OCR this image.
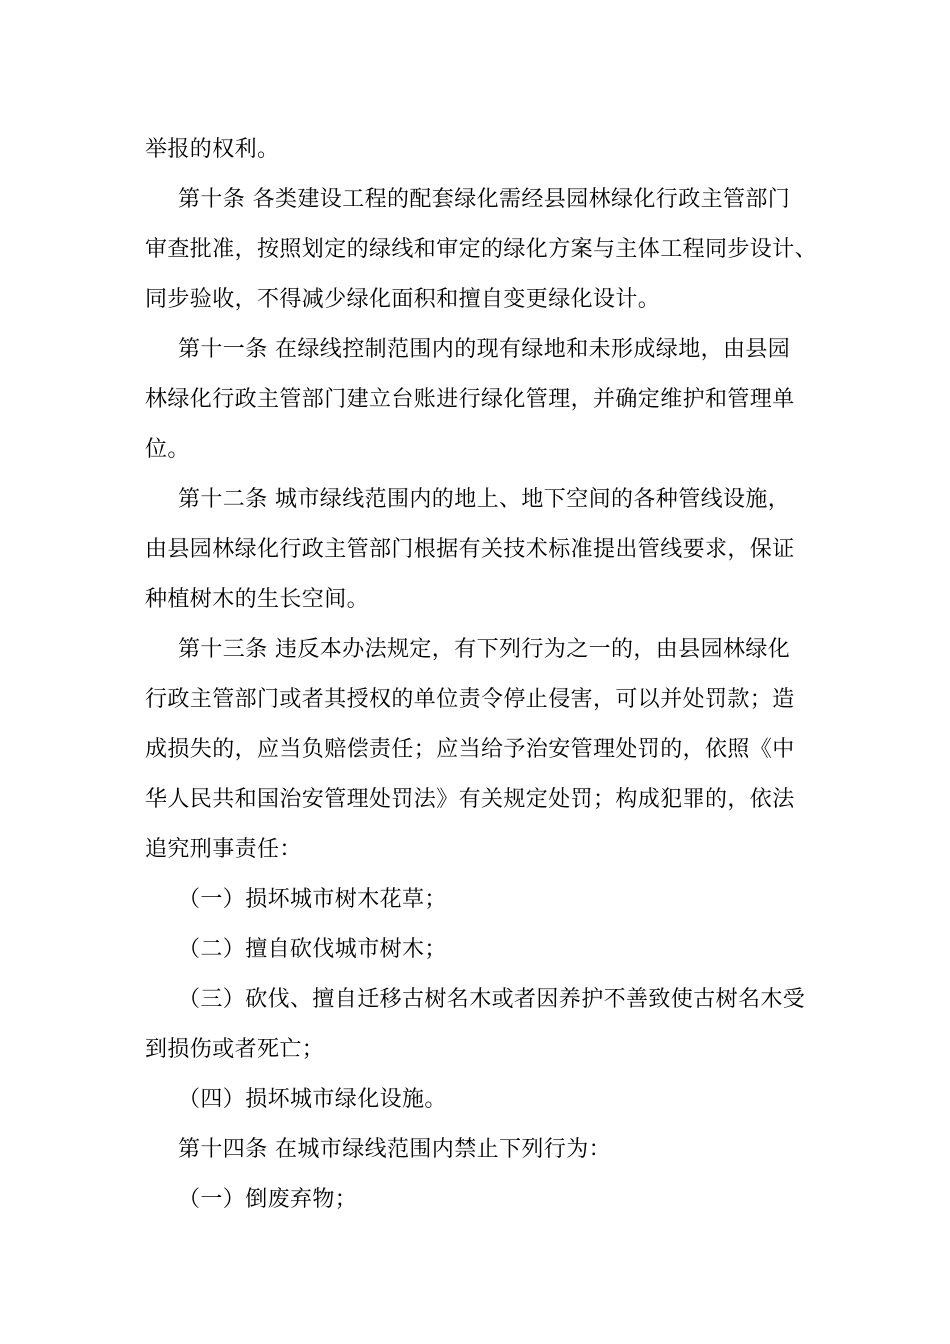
举报的权利。
第十条 各类建设工程的配套绿化需经县园林绿化行政主管部门
审查批准，按照划定的绿线和审定的绿化方案与主体工程同步设计、
同步验收，不得减少绿化面积和擅自变更绿化设计。
第十一条 在绿线控制范围内的现有绿地和未形成绿地，由县园
林绿化行政主管部门建立台账进行绿化管理，并确定维护和管理单
位。
第十二条 城市绿线范围内的地上、地下空间的各种管线设施，
由县园林绿化行政主管部门根据有关技术标准提出管线要求，保证
种植树木的生长空间。
第十三条 违反本办法规定，有下列行为之一的，由县园林绿化
行政主管部门或者其授权的单位责令停止侵害，可以并处罚款；造
成损失的，应当负赔偿责任；应当给予治安管理处罚的，依照《中
华人民共和国治安管理处罚法》有关规定处罚；构成犯罪的，依法
追究刑事责任：
（一）损坏城市树木花草；
（二）擅自砍伐城市树木；
（三）砍伐、擅自迁移古树名木或者因养护不善致使古树名木受
到损伤或者死亡；
（四）损坏城市绿化设施。
第十四条 在城市绿线范围内禁止下列行为：
（一）倒废弃物；
